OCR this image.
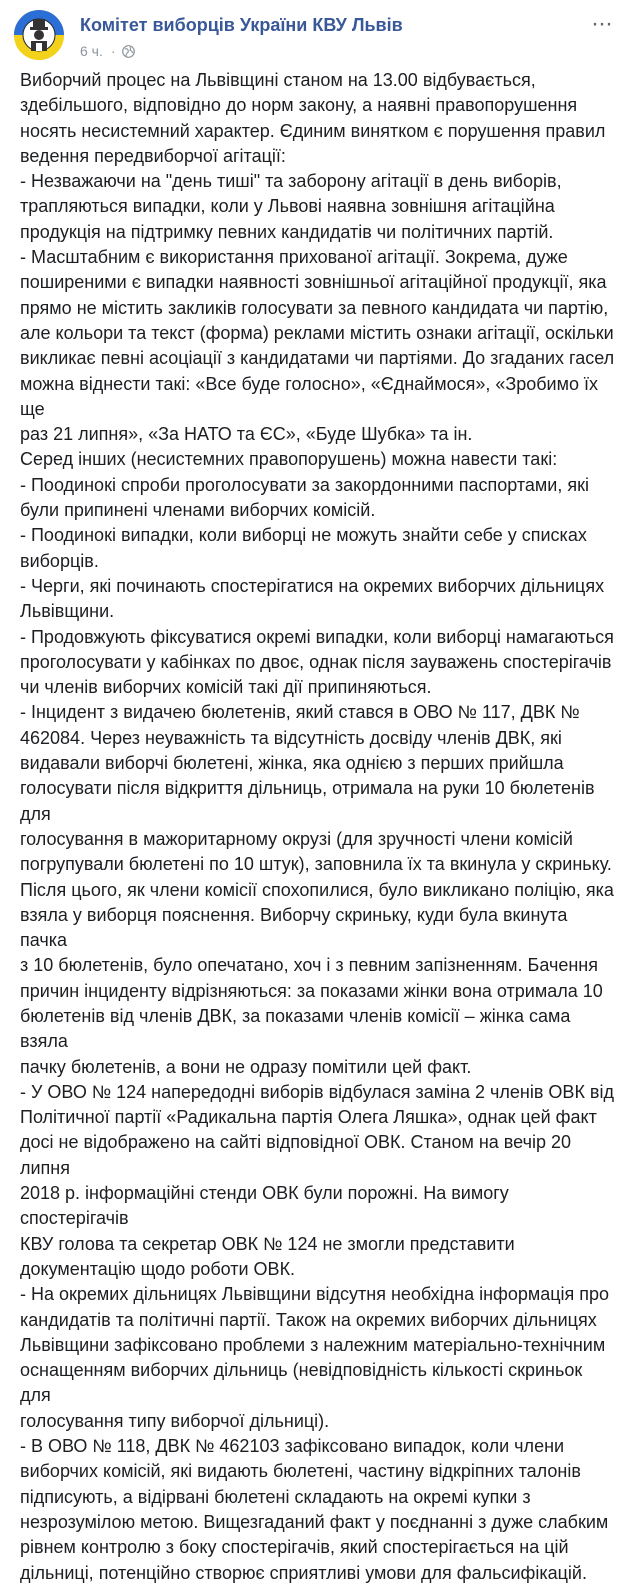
Комітет виборців України КВУ Львів
6 ч. ·
···

Виборчий процес на Львівщині станом на 13.00 відбувається,

здебільшого, відповідно до норм закону, а наявні правопорушення

носять несистемний характер. Єдиним винятком є порушення правил

ведення передвиборчої агітації:

- Незважаючи на "день тиші" та заборону агітації в день виборів,

трапляються випадки, коли у Львові наявна зовнішня агітаційна

продукція на підтримку певних кандидатів чи політичних партій.

- Масштабним є використання прихованої агітації. Зокрема, дуже

поширеними є випадки наявності зовнішньої агітаційної продукції, яка

прямо не містить закликів голосувати за певного кандидата чи партію,

але кольори та текст (форма) реклами містить ознаки агітації, оскільки

викликає певні асоціації з кандидатами чи партіями. До згаданих гасел

можна віднести такі: «Все буде голосно», «Єднаймося», «Зробимо їх ще

раз 21 липня», «За НАТО та ЄС», «Буде Шубка» та ін.

Серед інших (несистемних правопорушень) можна навести такі:

- Поодинокі спроби проголосувати за закордонними паспортами, які

були припинені членами виборчих комісій.

- Поодинокі випадки, коли виборці не можуть знайти себе у списках

виборців.

- Черги, які починають спостерігатися на окремих виборчих дільницях

Львівщини.

- Продовжують фіксуватися окремі випадки, коли виборці намагаються

проголосувати у кабінках по двоє, однак після зауважень спостерігачів

чи членів виборчих комісій такі дії припиняються.

- Інцидент з видачею бюлетенів, який стався в ОВО № 117, ДВК №

462084. Через неуважність та відсутність досвіду членів ДВК, які

видавали виборчі бюлетені, жінка, яка однією з перших прийшла

голосувати після відкриття дільниць, отримала на руки 10 бюлетенів для

голосування в мажоритарному окрузі (для зручності члени комісій

погрупували бюлетені по 10 штук), заповнила їх та вкинула у скриньку.

Після цього, як члени комісії спохопилися, було викликано поліцію, яка

взяла у виборця пояснення. Виборчу скриньку, куди була вкинута пачка

з 10 бюлетенів, було опечатано, хоч і з певним запізненням. Бачення

причин інциденту відрізняються: за показами жінки вона отримала 10

бюлетенів від членів ДВК, за показами членів комісії – жінка сама взяла

пачку бюлетенів, а вони не одразу помітили цей факт.

- У ОВО № 124 напередодні виборів відбулася заміна 2 членів ОВК від

Політичної партії «Радикальна партія Олега Ляшка», однак цей факт

досі не відображено на сайті відповідної ОВК. Станом на вечір 20 липня

2018 р. інформаційні стенди ОВК були порожні. На вимогу спостерігачів

КВУ голова та секретар ОВК № 124 не змогли представити

документацію щодо роботи ОВК.

- На окремих дільницях Львівщини відсутня необхідна інформація про

кандидатів та політичні партії. Також на окремих виборчих дільницях

Львівщини зафіксовано проблеми з належним матеріально-технічним

оснащенням виборчих дільниць (невідповідність кількості скриньок для

голосування типу виборчої дільниці).

- В ОВО № 118, ДВК № 462103 зафіксовано випадок, коли члени

виборчих комісій, які видають бюлетені, частину відкріпних талонів

підписують, а відірвані бюлетені складають на окремі купки з

незрозумілою метою. Вищезгаданий факт у поєднанні з дуже слабким

рівнем контролю з боку спостерігачів, який спостерігається на цій

дільниці, потенційно створює сприятливі умови для фальсифікацій.
